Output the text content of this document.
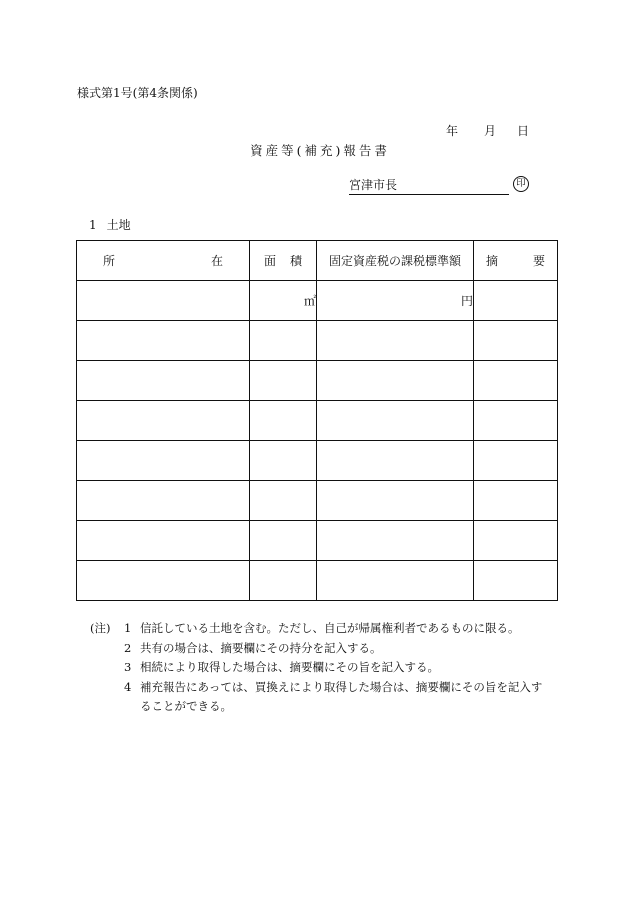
様式第1号(第4条関係)
年 月 日
資産等(補充)報告書
宮津市長	印
1 土地
所 在	面 積	固定資産税の課税標準額	摘 要

	㎡	円	

(注)	1 信託している土地を含む。ただし、自己が帰属権利者であるものに限る。
2 共有の場合は、摘要欄にその持分を記入する。
3 相続により取得した場合は、摘要欄にその旨を記入する。
4 補充報告にあっては、買換えにより取得した場合は、摘要欄にその旨を記入す
ることができる。
